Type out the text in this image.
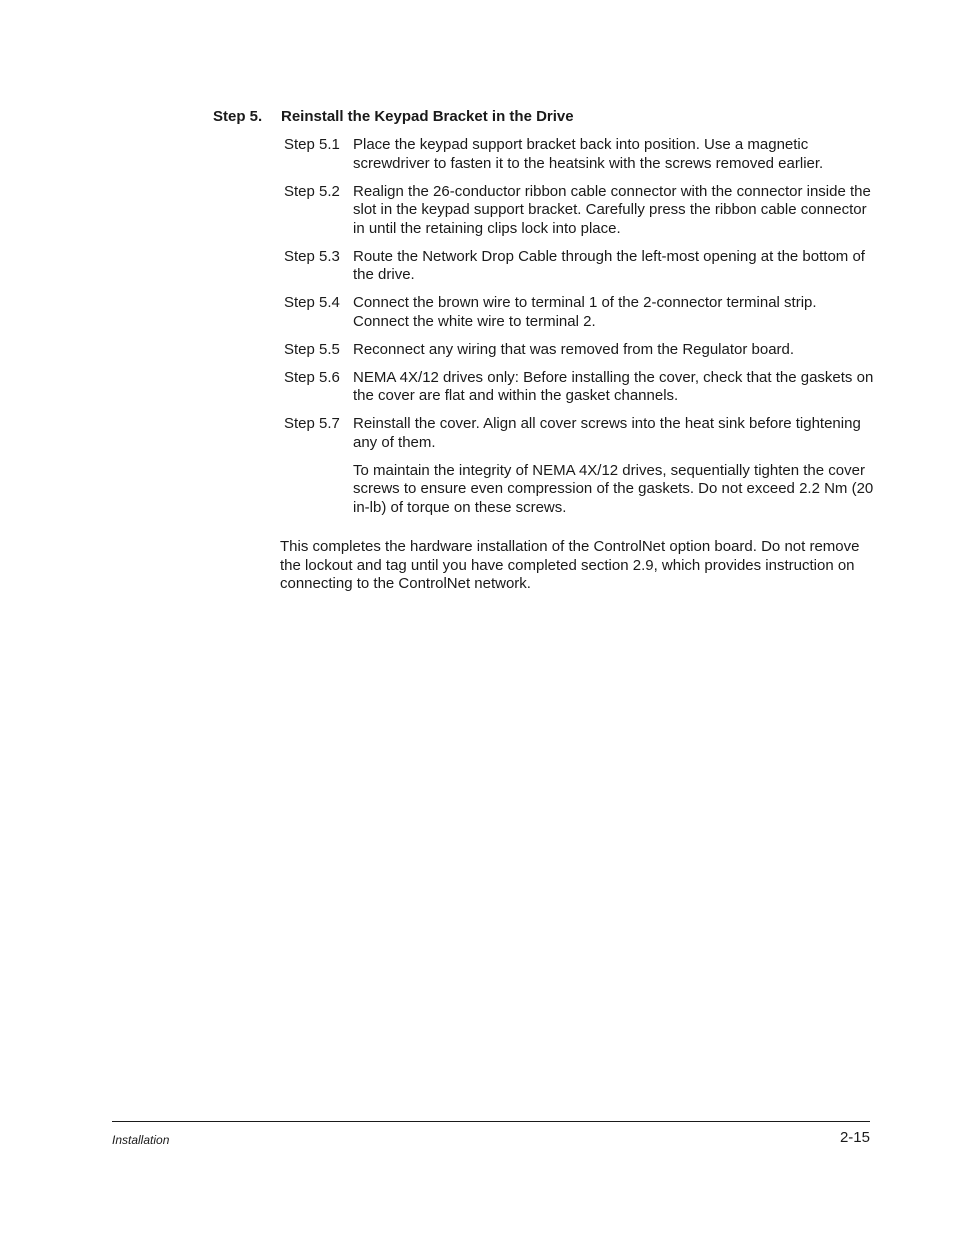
Step 5. Reinstall the Keypad Bracket in the Drive
Step 5.1 Place the keypad support bracket back into position. Use a magnetic screwdriver to fasten it to the heatsink with the screws removed earlier.

Step 5.2 Realign the 26-conductor ribbon cable connector with the connector inside the slot in the keypad support bracket. Carefully press the ribbon cable connector in until the retaining clips lock into place.

Step 5.3 Route the Network Drop Cable through the left-most opening at the bottom of the drive.

Step 5.4 Connect the brown wire to terminal 1 of the 2-connector terminal strip. Connect the white wire to terminal 2.

Step 5.5 Reconnect any wiring that was removed from the Regulator board.

Step 5.6 NEMA 4X/12 drives only: Before installing the cover, check that the gaskets on the cover are flat and within the gasket channels.

Step 5.7 Reinstall the cover. Align all cover screws into the heat sink before tightening any of them.

To maintain the integrity of NEMA 4X/12 drives, sequentially tighten the cover screws to ensure even compression of the gaskets. Do not exceed 2.2 Nm (20 in-lb) of torque on these screws.

This completes the hardware installation of the ControlNet option board. Do not remove the lockout and tag until you have completed section 2.9, which provides instruction on connecting to the ControlNet network.

Installation	2-15
